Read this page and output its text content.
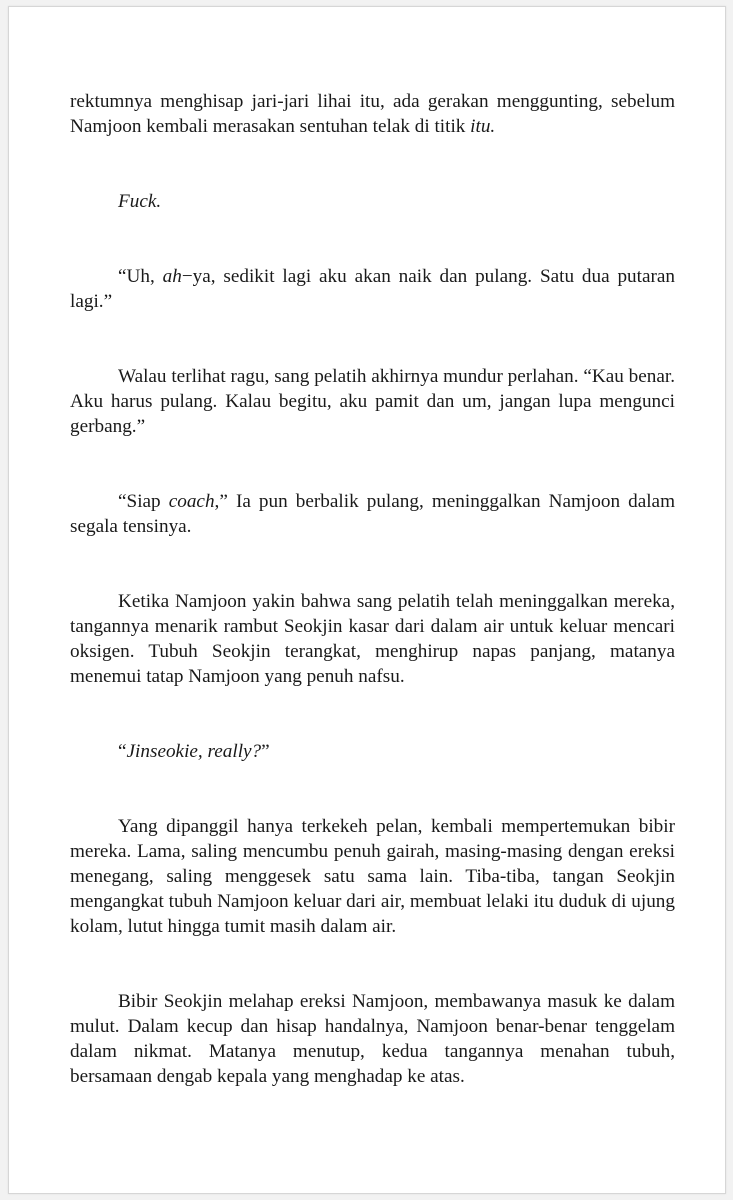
rektumnya menghisap jari-jari lihai itu, ada gerakan menggunting, sebelum Namjoon kembali merasakan sentuhan telak di titik itu.

Fuck.

“Uh, ah−ya, sedikit lagi aku akan naik dan pulang. Satu dua putaran lagi.”

Walau terlihat ragu, sang pelatih akhirnya mundur perlahan. “Kau benar. Aku harus pulang. Kalau begitu, aku pamit dan um, jangan lupa mengunci gerbang.”

“Siap coach,” Ia pun berbalik pulang, meninggalkan Namjoon dalam segala tensinya.

Ketika Namjoon yakin bahwa sang pelatih telah meninggalkan mereka, tangannya menarik rambut Seokjin kasar dari dalam air untuk keluar mencari oksigen. Tubuh Seokjin terangkat, menghirup napas panjang, matanya menemui tatap Namjoon yang penuh nafsu.

“Jinseokie, really?”

Yang dipanggil hanya terkekeh pelan, kembali mempertemukan bibir mereka. Lama, saling mencumbu penuh gairah, masing-masing dengan ereksi menegang, saling menggesek satu sama lain. Tiba-tiba, tangan Seokjin mengangkat tubuh Namjoon keluar dari air, membuat lelaki itu duduk di ujung kolam, lutut hingga tumit masih dalam air.

Bibir Seokjin melahap ereksi Namjoon, membawanya masuk ke dalam mulut. Dalam kecup dan hisap handalnya, Namjoon benar-benar tenggelam dalam nikmat. Matanya menutup, kedua tangannya menahan tubuh, bersamaan dengab kepala yang menghadap ke atas.
